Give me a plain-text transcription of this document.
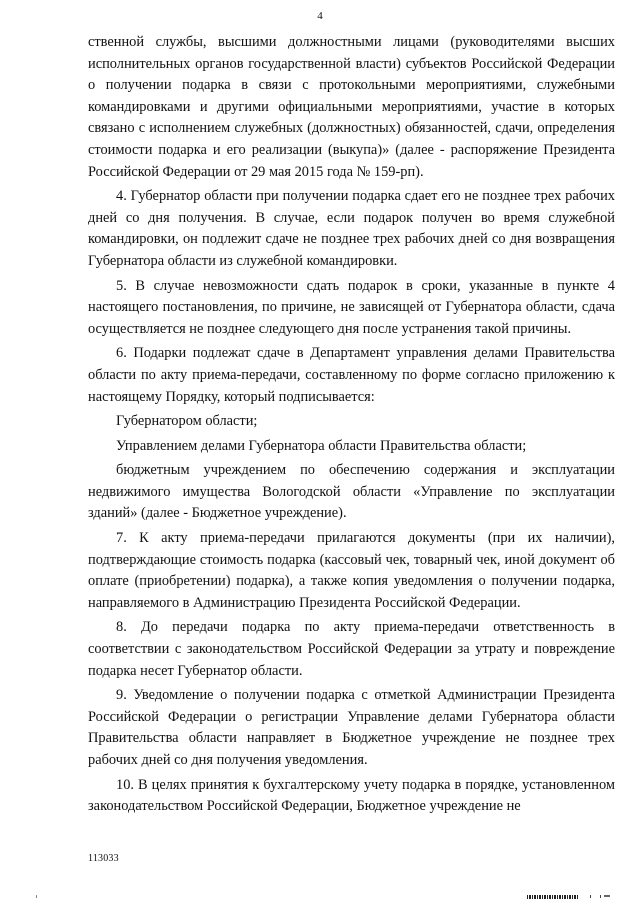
4

ственной службы, высшими должностными лицами (руководителями высших исполнительных органов государственной власти) субъектов Российской Федерации о получении подарка в связи с протокольными мероприятиями, служебными командировками и другими официальными мероприятиями, участие в которых связано с исполнением служебных (должностных) обязанностей, сдачи, определения стоимости подарка и его реализации (выкупа)» (далее - распоряжение Президента Российской Федерации от 29 мая 2015 года № 159-рп).

4. Губернатор области при получении подарка сдает его не позднее трех рабочих дней со дня получения. В случае, если подарок получен во время служебной командировки, он подлежит сдаче не позднее трех рабочих дней со дня возвращения Губернатора области из служебной командировки.

5. В случае невозможности сдать подарок в сроки, указанные в пункте 4 настоящего постановления, по причине, не зависящей от Губернатора области, сдача осуществляется не позднее следующего дня после устранения такой причины.

6. Подарки подлежат сдаче в Департамент управления делами Правительства области по акту приема-передачи, составленному по форме согласно приложению к настоящему Порядку, который подписывается:

Губернатором области;

Управлением делами Губернатора области Правительства области;

бюджетным учреждением по обеспечению содержания и эксплуатации недвижимого имущества Вологодской области «Управление по эксплуатации зданий» (далее - Бюджетное учреждение).

7. К акту приема-передачи прилагаются документы (при их наличии), подтверждающие стоимость подарка (кассовый чек, товарный чек, иной документ об оплате (приобретении) подарка), а также копия уведомления о получении подарка, направляемого в Администрацию Президента Российской Федерации.

8. До передачи подарка по акту приема-передачи ответственность в соответствии с законодательством Российской Федерации за утрату и повреждение подарка несет Губернатор области.

9. Уведомление о получении подарка с отметкой Администрации Президента Российской Федерации о регистрации Управление делами Губернатора области Правительства области направляет в Бюджетное учреждение не позднее трех рабочих дней со дня получения уведомления.

10. В целях принятия к бухгалтерскому учету подарка в порядке, установленном законодательством Российской Федерации, Бюджетное учреждение не

113033
